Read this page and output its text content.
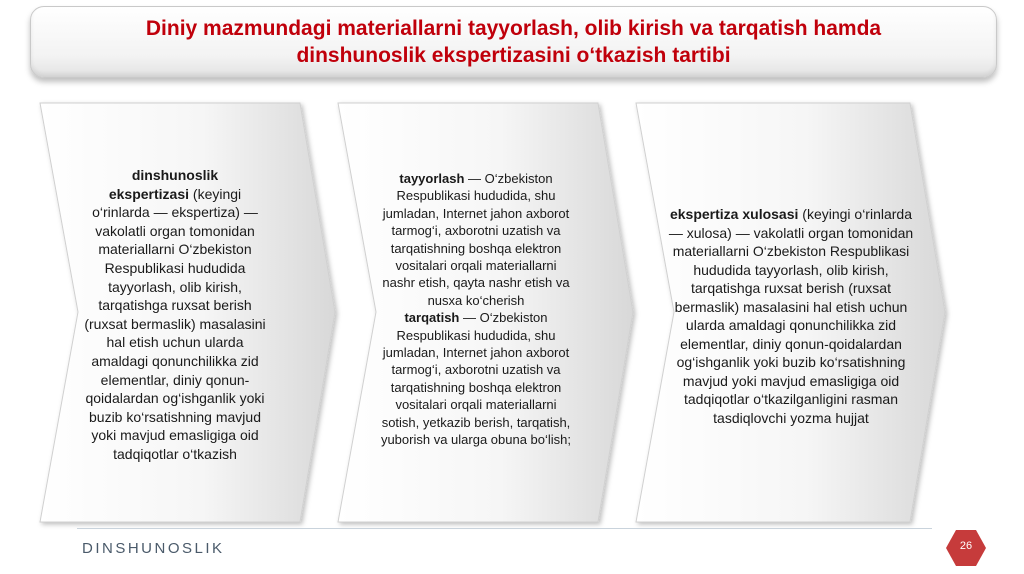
Diniy mazmundagi materiallarni tayyorlash, olib kirish va tarqatish hamda
dinshunoslik ekspertizasini o‘tkazish tartibi
dinshunoslik
ekspertizasi (keyingi
o‘rinlarda — ekspertiza) —
vakolatli organ tomonidan
materiallarni O‘zbekiston
Respublikasi hududida
tayyorlash, olib kirish,
tarqatishga ruxsat berish
(ruxsat bermaslik) masalasini
hal etish uchun ularda
amaldagi qonunchilikka zid
elementlar, diniy qonun-
qoidalardan og‘ishganlik yoki
buzib ko‘rsatishning mavjud
yoki mavjud emasligiga oid
tadqiqotlar o‘tkazish
tayyorlash — O‘zbekiston
Respublikasi hududida, shu
jumladan, Internet jahon axborot
tarmog‘i, axborotni uzatish va
tarqatishning boshqa elektron
vositalari orqali materiallarni
nashr etish, qayta nashr etish va
nusxa ko‘cherish
tarqatish — O‘zbekiston
Respublikasi hududida, shu
jumladan, Internet jahon axborot
tarmog‘i, axborotni uzatish va
tarqatishning boshqa elektron
vositalari orqali materiallarni
sotish, yetkazib berish, tarqatish,
yuborish va ularga obuna bo‘lish;
ekspertiza xulosasi (keyingi o‘rinlarda
— xulosa) — vakolatli organ tomonidan
materiallarni O‘zbekiston Respublikasi
hududida tayyorlash, olib kirish,
tarqatishga ruxsat berish (ruxsat
bermaslik) masalasini hal etish uchun
ularda amaldagi qonunchilikka zid
elementlar, diniy qonun-qoidalardan
og‘ishganlik yoki buzib ko‘rsatishning
mavjud yoki mavjud emasligiga oid
tadqiqotlar o‘tkazilganligini rasman
tasdiqlovchi yozma hujjat
DINSHUNOSLIK	26
